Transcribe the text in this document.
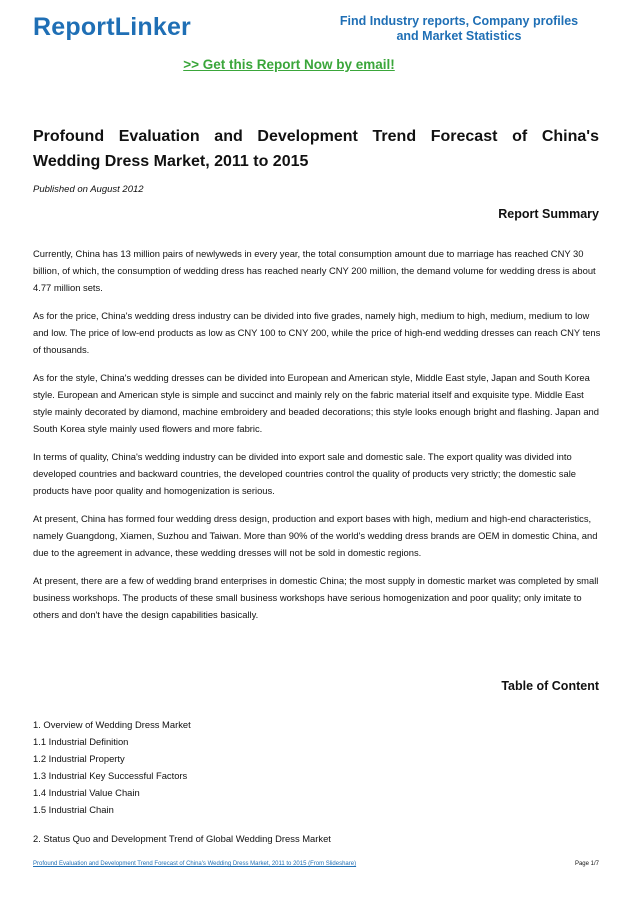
ReportLinker	Find Industry reports, Company profiles
and Market Statistics
>> Get this Report Now by email!
Profound Evaluation and Development Trend Forecast of China's Wedding Dress Market, 2011 to 2015
Published on August 2012
Report Summary

Currently, China has 13 million pairs of newlyweds in every year, the total consumption amount due to marriage has reached CNY 30 billion, of which, the consumption of wedding dress has reached nearly CNY 200 million, the demand volume for wedding dress is about 4.77 million sets.

As for the price, China's wedding dress industry can be divided into five grades, namely high, medium to high, medium, medium to low and low. The price of low-end products as low as CNY 100 to CNY 200, while the price of high-end wedding dresses can reach CNY tens of thousands.

As for the style, China's wedding dresses can be divided into European and American style, Middle East style, Japan and South Korea style. European and American style is simple and succinct and mainly rely on the fabric material itself and exquisite type. Middle East style mainly decorated by diamond, machine embroidery and beaded decorations; this style looks enough bright and flashing. Japan and South Korea style mainly used flowers and more fabric.

In terms of quality, China's wedding industry can be divided into export sale and domestic sale. The export quality was divided into developed countries and backward countries, the developed countries control the quality of products very strictly; the domestic sale products have poor quality and homogenization is serious.

At present, China has formed four wedding dress design, production and export bases with high, medium and high-end characteristics, namely Guangdong, Xiamen, Suzhou and Taiwan. More than 90% of the world's wedding dress brands are OEM in domestic China, and due to the agreement in advance, these wedding dresses will not be sold in domestic regions.

At present, there are a few of wedding brand enterprises in domestic China; the most supply in domestic market was completed by small business workshops. The products of these small business workshops have serious homogenization and poor quality; only imitate to others and don't have the design capabilities basically.

Table of Content
1. Overview of Wedding Dress Market
1.1 Industrial Definition
1.2 Industrial Property
1.3 Industrial Key Successful Factors
1.4 Industrial Value Chain
1.5 Industrial Chain
2. Status Quo and Development Trend of Global Wedding Dress Market
Profound Evaluation and Development Trend Forecast of China's Wedding Dress Market, 2011 to 2015 (From Slideshare)	Page 1/7
